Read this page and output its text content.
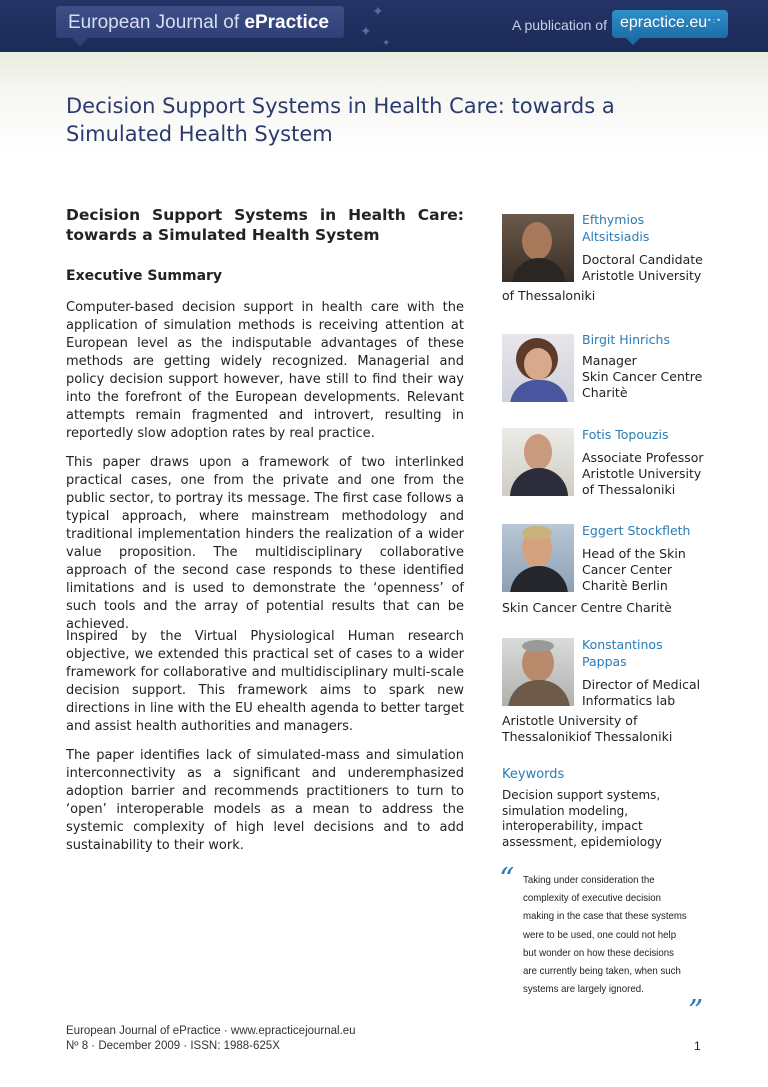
European Journal of ePractice	✦
✦
✦
A publication of epractice.eu •:•
Decision Support Systems in Health Care: towards a Simulated Health System
Decision Support Systems in Health Care: towards a Simulated Health System
Executive Summary

Computer-based decision support in health care with the application of simulation methods is receiving attention at European level as the indisputable advantages of these methods are getting widely recognized. Managerial and policy decision support however, have still to find their way into the forefront of the European developments. Relevant attempts remain fragmented and introvert, resulting in reportedly slow adoption rates by real practice.

This paper draws upon a framework of two interlinked practical cases, one from the private and one from the public sector, to portray its message. The first case follows a typical approach, where mainstream methodology and traditional implementation hinders the realization of a wider value proposition. The multidisciplinary collaborative approach of the second case responds to these identified limitations and is used to demonstrate the ‘openness’ of such tools and the array of potential results that can be achieved.

Inspired by the Virtual Physiological Human research objective, we extended this practical set of cases to a wider framework for collaborative and multidisciplinary multi-scale decision support. This framework aims to spark new directions in line with the EU ehealth agenda to better target and assist health authorities and managers.

The paper identifies lack of simulated-mass and simulation interconnectivity as a significant and underemphasized adoption barrier and recommends practitioners to turn to ‘open’ interoperable models as a mean to address the systemic complexity of high level decisions and to add sustainability to their work.

Efthymios
Altsitsiadis
Doctoral Candidate
Aristotle University
of Thessaloniki
Birgit Hinrichs
Manager
Skin Cancer Centre
Charitè
Fotis Topouzis
Associate Professor
Aristotle University
of Thessaloniki
Eggert Stockfleth
Head of the Skin
Cancer Center
Charitè Berlin
Skin Cancer Centre Charitè
Konstantinos
Pappas
Director of Medical
Informatics lab
Aristotle University of
Thessalonikiof Thessaloniki
Keywords
Decision support systems, simulation modeling, interoperability, impact assessment, epidemiology
“ Taking under consideration the complexity of executive decision making in the case that these systems were to be used, one could not help but wonder on how these decisions are currently being taken, when such systems are largely ignored.
”
European Journal of ePractice · www.epracticejournal.eu
Nº 8 · December 2009 · ISSN: 1988-625X	1
